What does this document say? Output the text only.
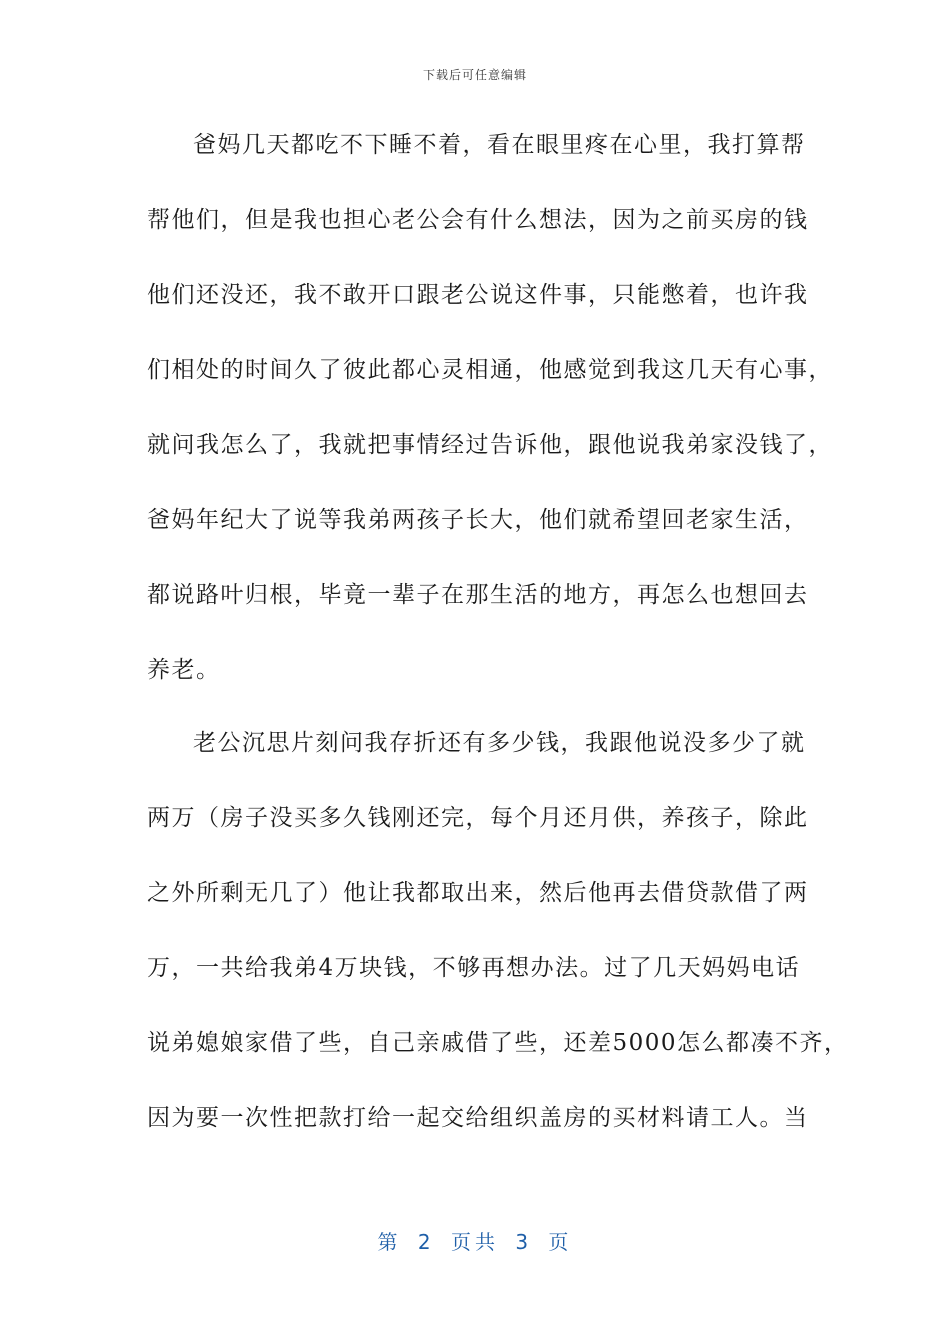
下载后可任意编辑
爸妈几天都吃不下睡不着，看在眼里疼在心里，我打算帮
帮他们，但是我也担心老公会有什么想法，因为之前买房的钱
他们还没还，我不敢开口跟老公说这件事，只能憋着，也许我
们相处的时间久了彼此都心灵相通，他感觉到我这几天有心事，
就问我怎么了，我就把事情经过告诉他，跟他说我弟家没钱了，
爸妈年纪大了说等我弟两孩子长大，他们就希望回老家生活，
都说路叶归根，毕竟一辈子在那生活的地方，再怎么也想回去
养老。
老公沉思片刻问我存折还有多少钱，我跟他说没多少了就
两万（房子没买多久钱刚还完，每个月还月供，养孩子，除此
之外所剩无几了）他让我都取出来，然后他再去借贷款借了两
万，一共给我弟4万块钱，不够再想办法。过了几天妈妈电话
说弟媳娘家借了些，自己亲戚借了些，还差5000怎么都凑不齐，
因为要一次性把款打给一起交给组织盖房的买材料请工人。当
第 2 页共 3 页
